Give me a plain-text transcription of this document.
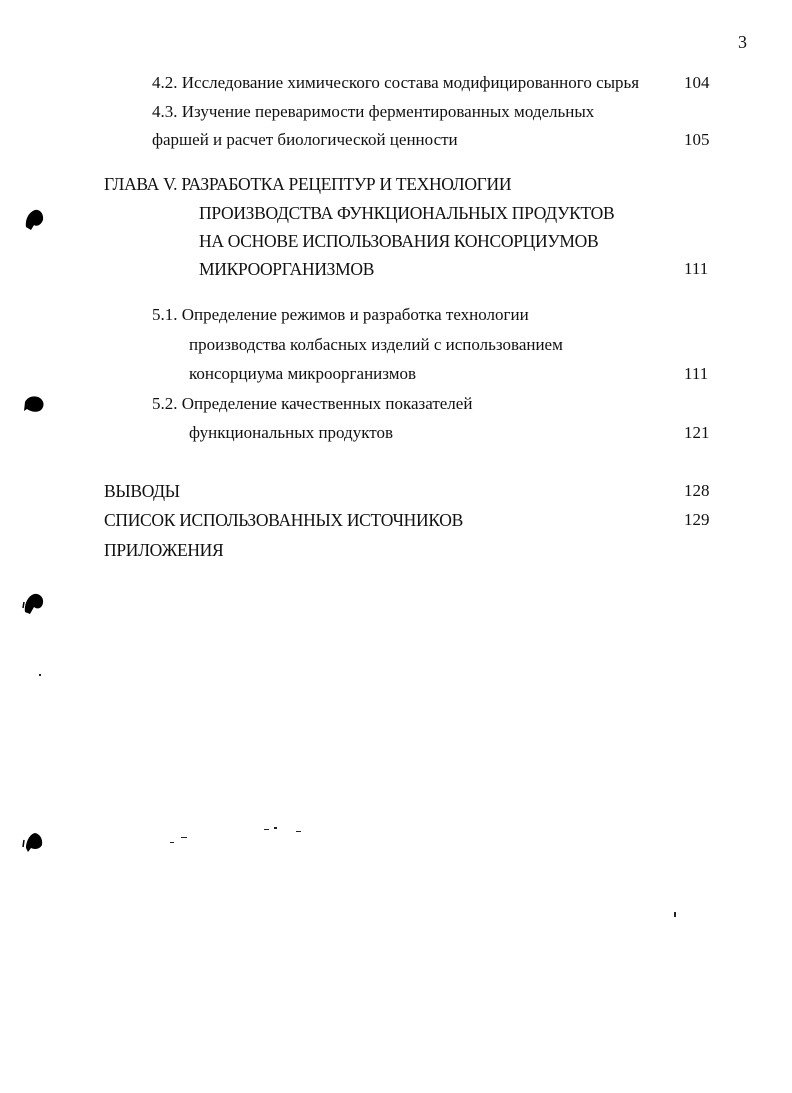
3
4.2. Исследование химического состава модифицированного сырья	104
4.3. Изучение переваримости ферментированных модельных
фаршей и расчет биологической ценности	105
ГЛАВА V. РАЗРАБОТКА РЕЦЕПТУР И ТЕХНОЛОГИИ
ПРОИЗВОДСТВА ФУНКЦИОНАЛЬНЫХ ПРОДУКТОВ
НА ОСНОВЕ ИСПОЛЬЗОВАНИЯ КОНСОРЦИУМОВ
МИКРООРГАНИЗМОВ	111
5.1. Определение режимов и разработка технологии
производства колбасных изделий с использованием
консорциума микроорганизмов	111
5.2. Определение качественных показателей
функциональных продуктов	121
ВЫВОДЫ	128
СПИСОК ИСПОЛЬЗОВАННЫХ ИСТОЧНИКОВ	129
ПРИЛОЖЕНИЯ
